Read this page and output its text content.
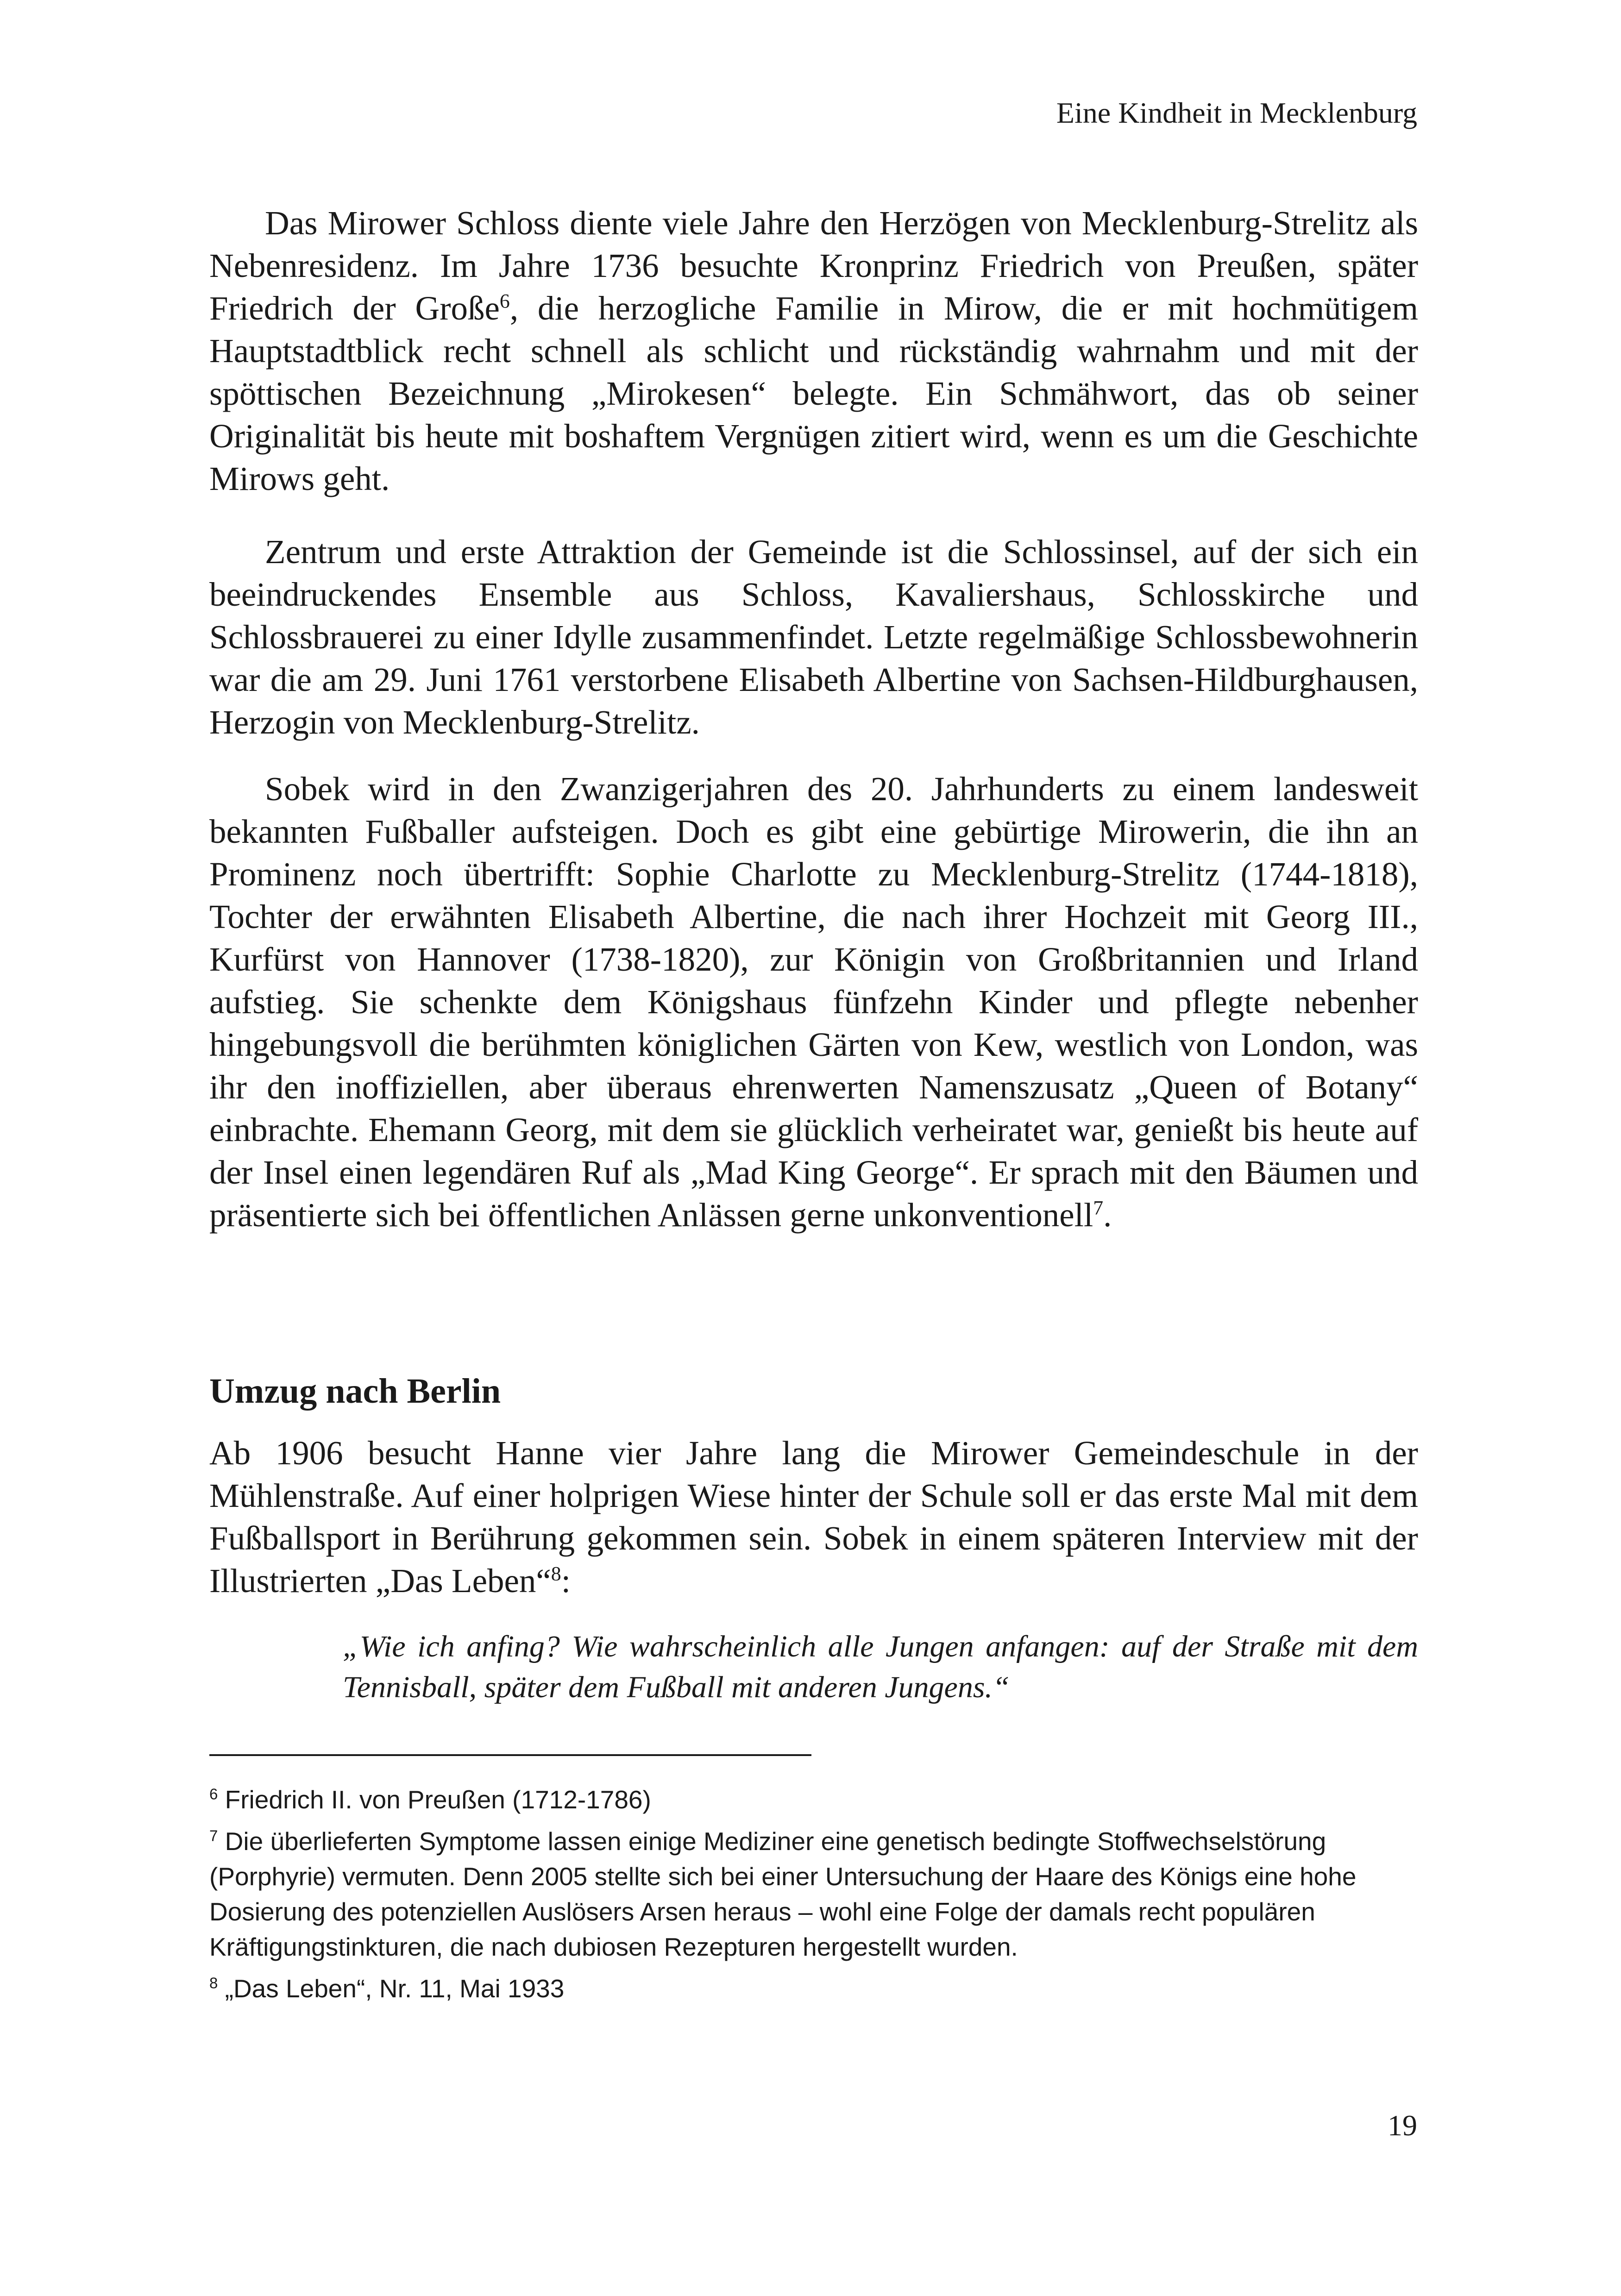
Eine Kindheit in Mecklenburg

Das Mirower Schloss diente viele Jahre den Herzögen von Mecklenburg-Strelitz als Nebenresidenz. Im Jahre 1736 besuchte Kronprinz Friedrich von Preußen, später Friedrich der Große$^6$, die herzogliche Familie in Mirow, die er mit hochmütigem Hauptstadtblick recht schnell als schlicht und rückständig wahrnahm und mit der spöttischen Bezeichnung „Mirokesen“ belegte. Ein Schmähwort, das ob seiner Originalität bis heute mit boshaftem Vergnügen zitiert wird, wenn es um die Geschichte Mirows geht.

Zentrum und erste Attraktion der Gemeinde ist die Schlossinsel, auf der sich ein beeindruckendes Ensemble aus Schloss, Kavaliershaus, Schlosskirche und Schlossbrauerei zu einer Idylle zusammenfindet. Letzte regelmäßige Schlossbewohnerin war die am 29. Juni 1761 verstorbene Elisabeth Albertine von Sachsen-Hildburghausen, Herzogin von Mecklenburg-Strelitz.

Sobek wird in den Zwanzigerjahren des 20. Jahrhunderts zu einem landesweit bekannten Fußballer aufsteigen. Doch es gibt eine gebürtige Mirowerin, die ihn an Prominenz noch übertrifft: Sophie Charlotte zu Mecklenburg-Strelitz (1744-1818), Tochter der erwähnten Elisabeth Albertine, die nach ihrer Hochzeit mit Georg III., Kurfürst von Hannover (1738-1820), zur Königin von Großbritannien und Irland aufstieg. Sie schenkte dem Königshaus fünfzehn Kinder und pflegte nebenher hingebungsvoll die berühmten königlichen Gärten von Kew, westlich von London, was ihr den inoffiziellen, aber überaus ehrenwerten Namenszusatz „Queen of Botany“ einbrachte. Ehemann Georg, mit dem sie glücklich verheiratet war, genießt bis heute auf der Insel einen legendären Ruf als „Mad King George“. Er sprach mit den Bäumen und präsentierte sich bei öffentlichen Anlässen gerne unkonventionell$^7$.

Umzug nach Berlin

Ab 1906 besucht Hanne vier Jahre lang die Mirower Gemeindeschule in der Mühlenstraße. Auf einer holprigen Wiese hinter der Schule soll er das erste Mal mit dem Fußballsport in Berührung gekommen sein. Sobek in einem späteren Interview mit der Illustrierten „Das Leben“$^8$:

„Wie ich anfing? Wie wahrscheinlich alle Jungen anfangen: auf der Straße mit dem Tennisball, später dem Fußball mit anderen Jungens.“

$^6$ Friedrich II. von Preußen (1712-1786)

$^7$ Die überlieferten Symptome lassen einige Mediziner eine genetisch bedingte Stoffwechselstörung (Porphyrie) vermuten. Denn 2005 stellte sich bei einer Untersuchung der Haare des Königs eine hohe Dosierung des potenziellen Auslösers Arsen heraus – wohl eine Folge der damals recht populären Kräftigungstinkturen, die nach dubiosen Rezepturen hergestellt wurden.

$^8$ „Das Leben“, Nr. 11, Mai 1933

19
